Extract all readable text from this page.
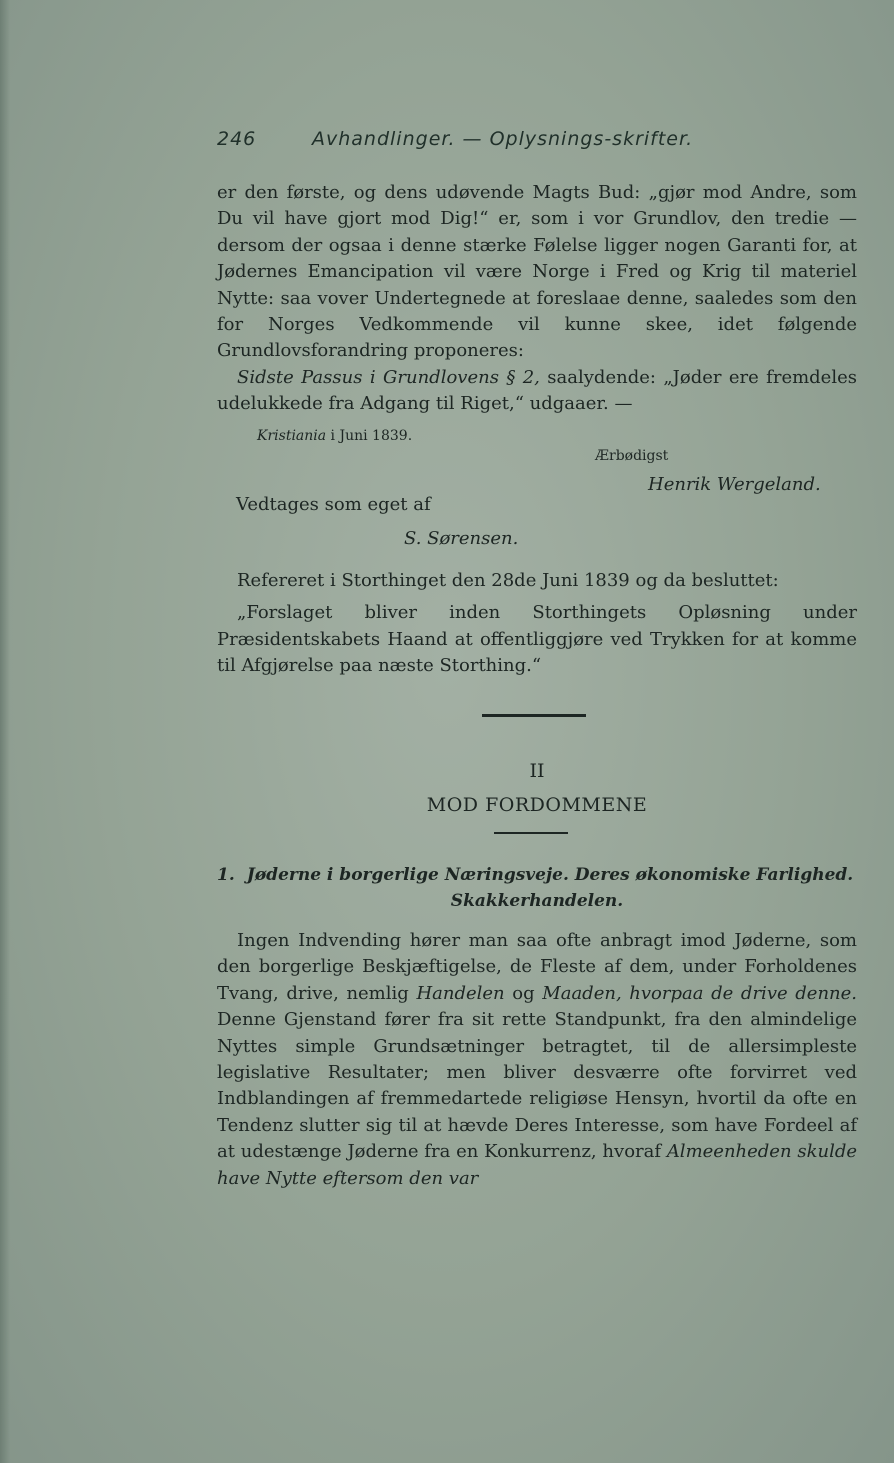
246	Avhandlinger. — Oplysnings-skrifter.

er den første, og dens udøvende Magts Bud: „gjør mod Andre, som Du vil have gjort mod Dig!“ er, som i vor Grundlov, den tredie — dersom der ogsaa i denne stærke Følelse ligger nogen Garanti for, at Jødernes Emancipation vil være Norge i Fred og Krig til materiel Nytte: saa vover Undertegnede at foreslaae denne, saaledes som den for Norges Vedkommende vil kunne skee, idet følgende Grundlovsforandring proponeres:

Sidste Passus i Grundlovens § 2, saalydende: „Jøder ere fremdeles udelukkede fra Adgang til Riget,“ udgaaer. —

Kristiania i Juni 1839.
Ærbødigst
Henrik Wergeland.
Vedtages som eget af
S. Sørensen.

Refereret i Storthinget den 28de Juni 1839 og da besluttet:

„Forslaget bliver inden Storthingets Opløsning under Præsidentskabets Haand at offentliggjøre ved Trykken for at komme til Afgjørelse paa næste Storthing.“

II
MOD FORDOMMENE
1. Jøderne i borgerlige Næringsveje. Deres økonomiske Farlighed.
Skakkerhandelen.

Ingen Indvending hører man saa ofte anbragt imod Jøderne, som den borgerlige Beskjæftigelse, de Fleste af dem, under Forholdenes Tvang, drive, nemlig Handelen og Maaden, hvorpaa de drive denne. Denne Gjenstand fører fra sit rette Standpunkt, fra den almindelige Nyttes simple Grundsætninger betragtet, til de allersimpleste legislative Resultater; men bliver desværre ofte forvirret ved Indblandingen af fremmedartede religiøse Hensyn, hvortil da ofte en Tendenz slutter sig til at hævde Deres Interesse, som have Fordeel af at udestænge Jøderne fra en Konkurrenz, hvoraf Almeenheden skulde have Nytte eftersom den var
